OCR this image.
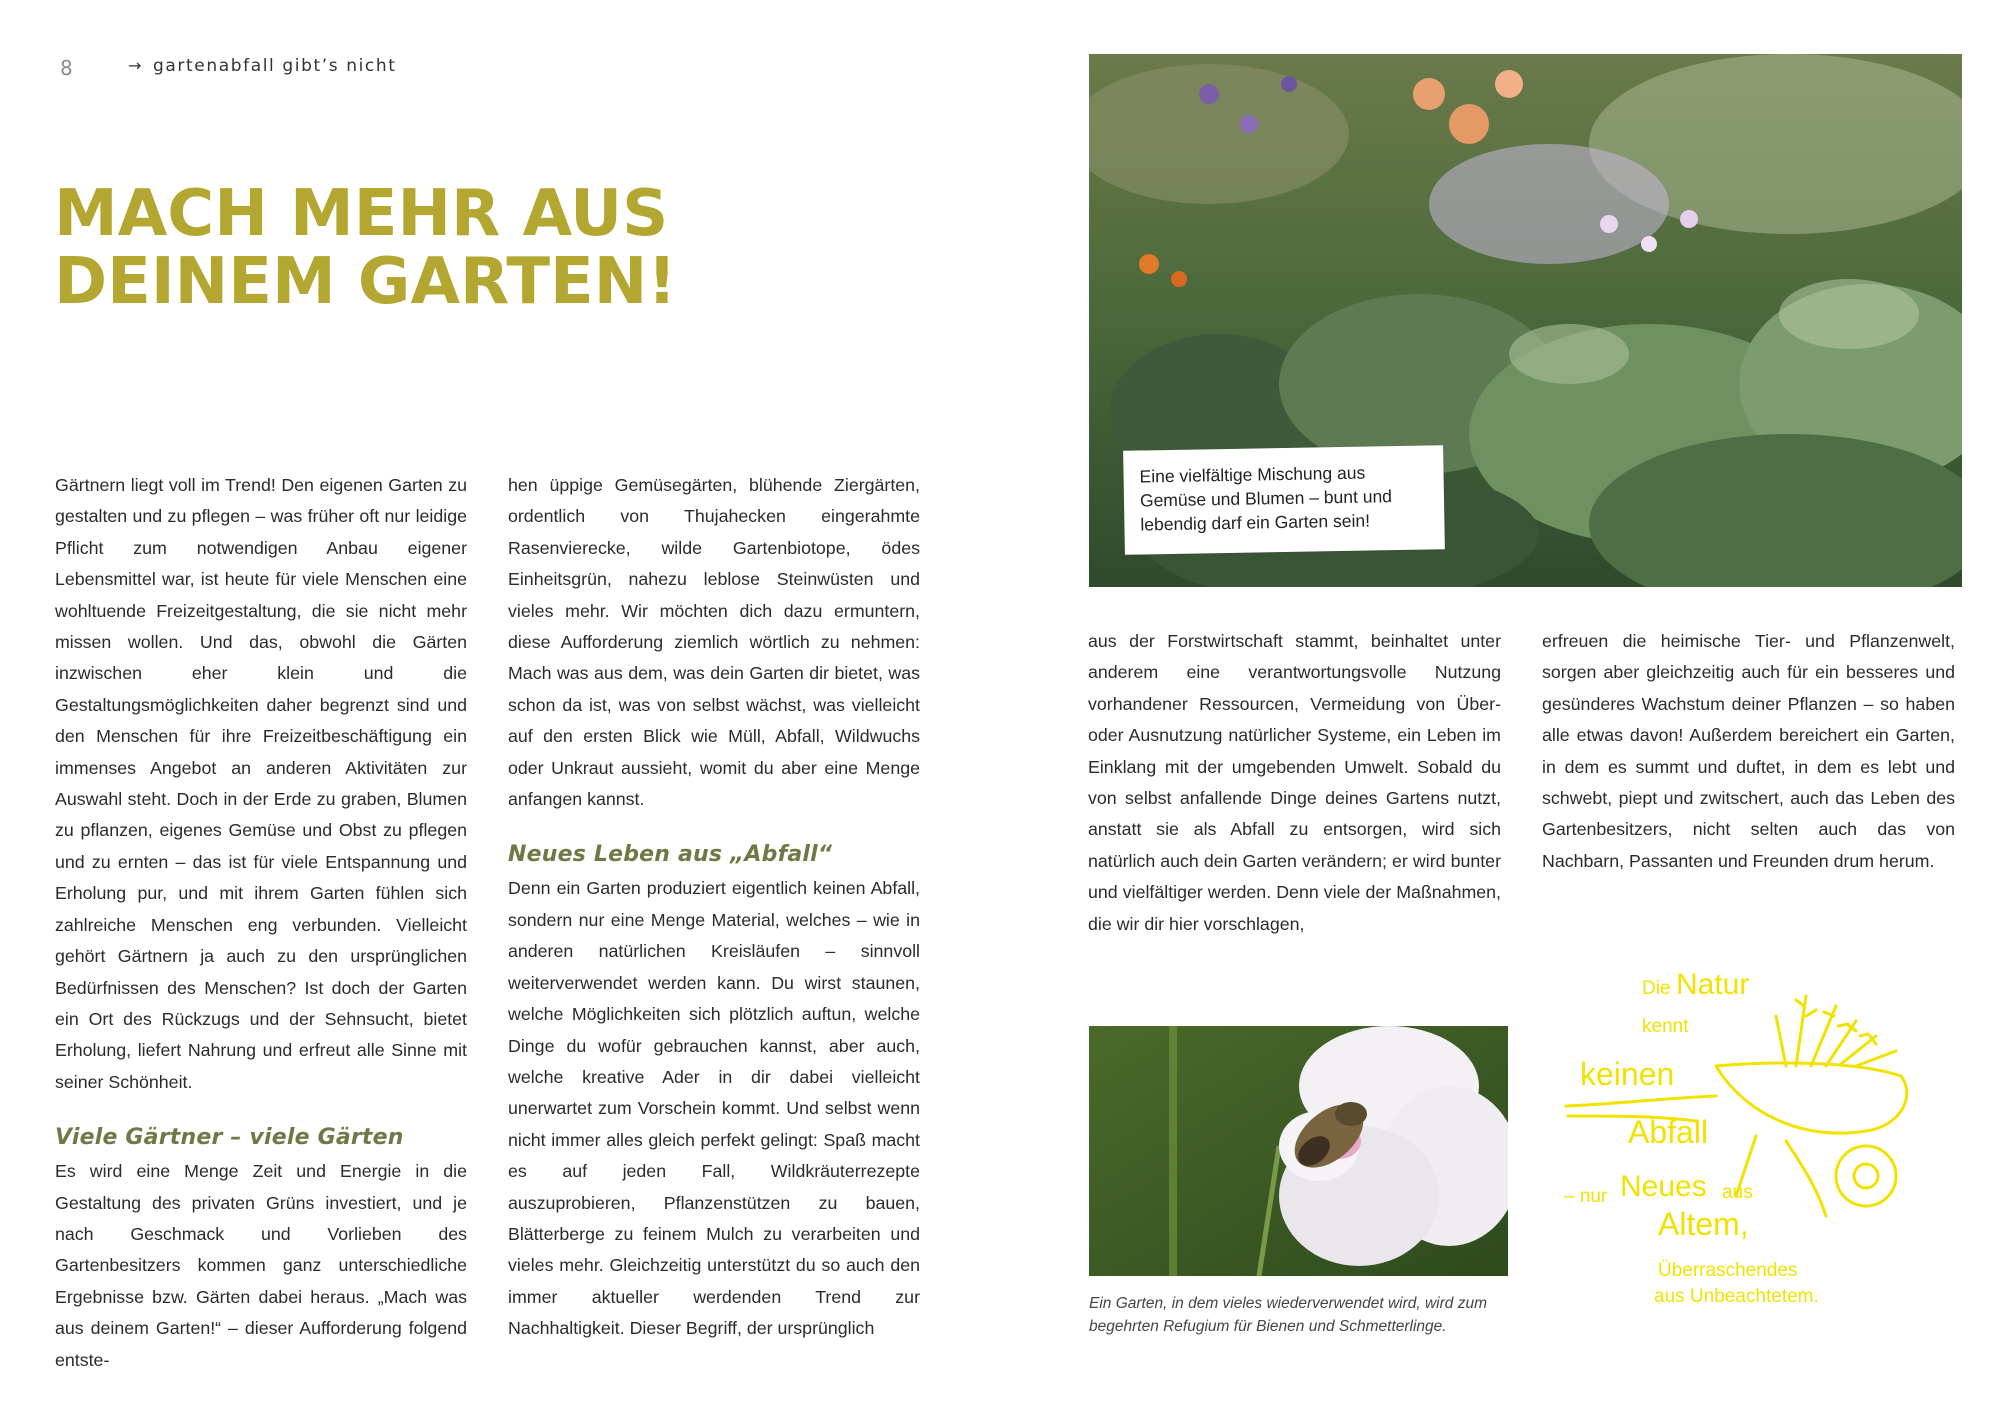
8	→ gartenabfall gibt’s nicht
MACH MEHR AUS
DEINEM GARTEN!

Gärtnern liegt voll im Trend! Den eigenen Garten zu gestalten und zu pflegen – was früher oft nur leidige Pflicht zum notwendigen Anbau eigener Lebensmittel war, ist heute für viele Menschen eine wohltuende Freizeitgestaltung, die sie nicht mehr missen wollen. Und das, obwohl die Gärten inzwischen eher klein und die Gestaltungsmöglichkeiten daher begrenzt sind und den Menschen für ihre Freizeitbeschäftigung ein immenses Angebot an anderen Aktivitäten zur Auswahl steht. Doch in der Erde zu graben, Blumen zu pflanzen, eigenes Gemüse und Obst zu pflegen und zu ernten – das ist für viele Entspannung und Erholung pur, und mit ihrem Garten fühlen sich zahlreiche Menschen eng verbunden. Vielleicht gehört Gärtnern ja auch zu den ursprünglichen Bedürfnissen des Menschen? Ist doch der Garten ein Ort des Rückzugs und der Sehnsucht, bietet Erholung, liefert Nahrung und erfreut alle Sinne mit seiner Schönheit.

Viele Gärtner – viele Gärten

Es wird eine Menge Zeit und Energie in die Gestaltung des privaten Grüns investiert, und je nach Geschmack und Vorlieben des Gartenbesitzers kommen ganz unterschiedliche Ergebnisse bzw. Gärten dabei heraus. „Mach was aus deinem Garten!“ – dieser Aufforderung folgend entste-

hen üppige Gemüsegärten, blühende Ziergärten, ordentlich von Thujahecken eingerahmte Rasenvierecke, wilde Gartenbiotope, ödes Einheitsgrün, nahezu leblose Steinwüsten und vieles mehr. Wir möchten dich dazu ermuntern, diese Aufforderung ziemlich wörtlich zu nehmen: Mach was aus dem, was dein Garten dir bietet, was schon da ist, was von selbst wächst, was vielleicht auf den ersten Blick wie Müll, Abfall, Wildwuchs oder Unkraut aussieht, womit du aber eine Menge anfangen kannst.

Neues Leben aus „Abfall“

Denn ein Garten produziert eigentlich keinen Abfall, sondern nur eine Menge Material, welches – wie in anderen natürlichen Kreisläufen – sinnvoll weiterverwendet werden kann. Du wirst staunen, welche Möglichkeiten sich plötzlich auftun, welche Dinge du wofür gebrauchen kannst, aber auch, welche kreative Ader in dir dabei vielleicht unerwartet zum Vorschein kommt. Und selbst wenn nicht immer alles gleich perfekt gelingt: Spaß macht es auf jeden Fall, Wildkräuterrezepte auszuprobieren, Pflanzenstützen zu bauen, Blätterberge zu feinem Mulch zu verarbeiten und vieles mehr. Gleichzeitig unterstützt du so auch den immer aktueller werdenden Trend zur Nachhaltigkeit. Dieser Begriff, der ursprünglich

Eine vielfältige Mischung aus Gemüse und Blumen – bunt und lebendig darf ein Garten sein!

aus der Forstwirtschaft stammt, beinhaltet unter anderem eine verantwortungsvolle Nutzung vorhandener Ressourcen, Vermeidung von Über- oder Ausnutzung natürlicher Systeme, ein Leben im Einklang mit der umgebenden Umwelt. Sobald du von selbst anfallende Dinge deines Gartens nutzt, anstatt sie als Abfall zu entsorgen, wird sich natürlich auch dein Garten verändern; er wird bunter und vielfältiger werden. Denn viele der Maßnahmen, die wir dir hier vorschlagen,

erfreuen die heimische Tier- und Pflanzenwelt, sorgen aber gleichzeitig auch für ein besseres und gesünderes Wachstum deiner Pflanzen – so haben alle etwas davon! Außerdem bereichert ein Garten, in dem es summt und duftet, in dem es lebt und schwebt, piept und zwitschert, auch das Leben des Gartenbesitzers, nicht selten auch das von Nachbarn, Passanten und Freunden drum herum.

Ein Garten, in dem vieles wiederverwendet wird, wird zum begehrten Refugium für Bienen und Schmetterlinge.
Die Natur
kennt
keinen
Abfall
– nur Neues aus
Altem,
Überraschendes
aus Unbeachtetem.
